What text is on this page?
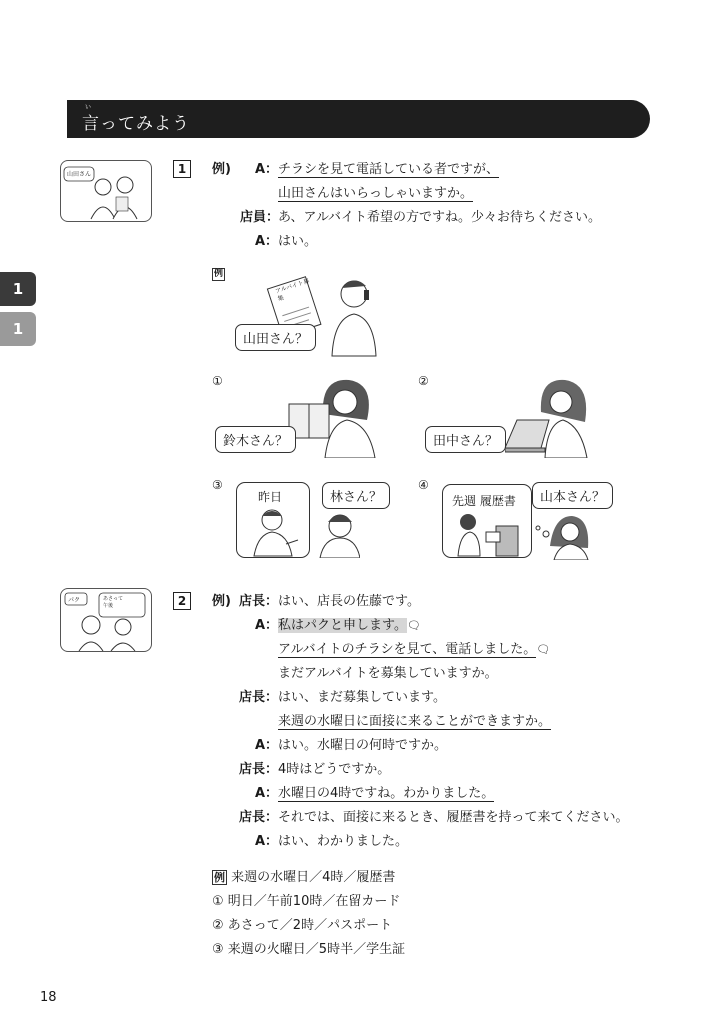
い
言ってみよう
1
1
山田さん	1	例)	A：チラシを見て電話している者ですが、
山田さんはいらっしゃいますか。
店員：あ、アルバイト希望の方ですね。少々お待ちください。
A：はい。
例
アルバイト募集
山田さん？
①
鈴木さん？
②
田中さん？
③
昨日	林さん？
④
先週 履歴書	山本さん？
パク	あさって 午後	2	例) 店長：はい、店長の佐藤です。
A：私はパクと申します。🗨
アルバイトのチラシを見て、電話しました。🗨
まだアルバイトを募集していますか。
店長：はい、まだ募集しています。
来週の水曜日に面接に来ることができますか。
A：はい。水曜日の何時ですか。
店長：4時はどうですか。
A：水曜日の4時ですね。わかりました。
店長：それでは、面接に来るとき、履歴書を持って来てください。
A：はい、わかりました。
例 来週の水曜日／4時／履歴書
① 明日／午前10時／在留カード
② あさって／2時／パスポート
③ 来週の火曜日／5時半／学生証
18
